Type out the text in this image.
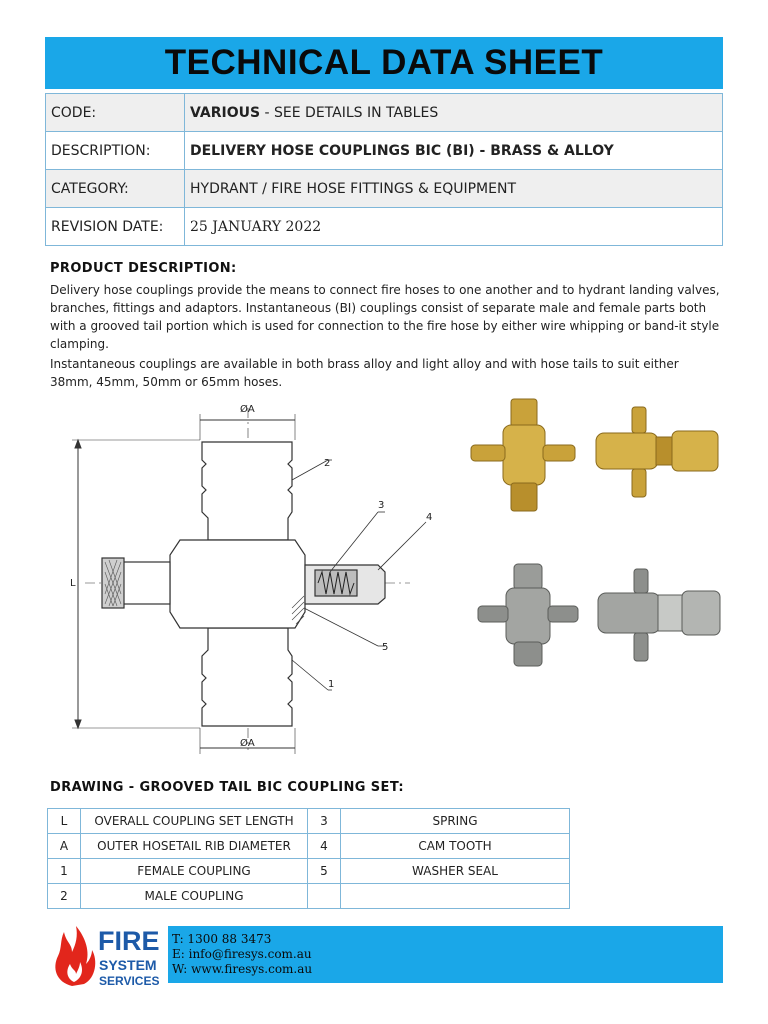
TECHNICAL DATA SHEET
CODE:	VARIOUS - SEE DETAILS IN TABLES
DESCRIPTION:	DELIVERY HOSE COUPLINGS BIC (BI) - BRASS & ALLOY
CATEGORY:	HYDRANT / FIRE HOSE FITTINGS & EQUIPMENT
REVISION DATE:	25 JANUARY 2022
PRODUCT DESCRIPTION:
Delivery hose couplings provide the means to connect fire hoses to one another and to hydrant landing valves, branches, fittings and adaptors. Instantaneous (BI) couplings consist of separate male and female parts both with a grooved tail portion which is used for connection to the fire hose by either wire whipping or band-it style clamping.
Instantaneous couplings are available in both brass alloy and light alloy and with hose tails to suit either 38mm, 45mm, 50mm or 65mm hoses.
ØA
ØA
L
1
2
3
4
5
DRAWING - GROOVED TAIL BIC COUPLING SET:
L	OVERALL COUPLING SET LENGTH	3	SPRING
A	OUTER HOSETAIL RIB DIAMETER	4	CAM TOOTH
1	FEMALE COUPLING	5	WASHER SEAL
2	MALE COUPLING		
FIRE
SYSTEM
SERVICES
T: 1300 88 3473
E: info@firesys.com.au
W: www.firesys.com.au
